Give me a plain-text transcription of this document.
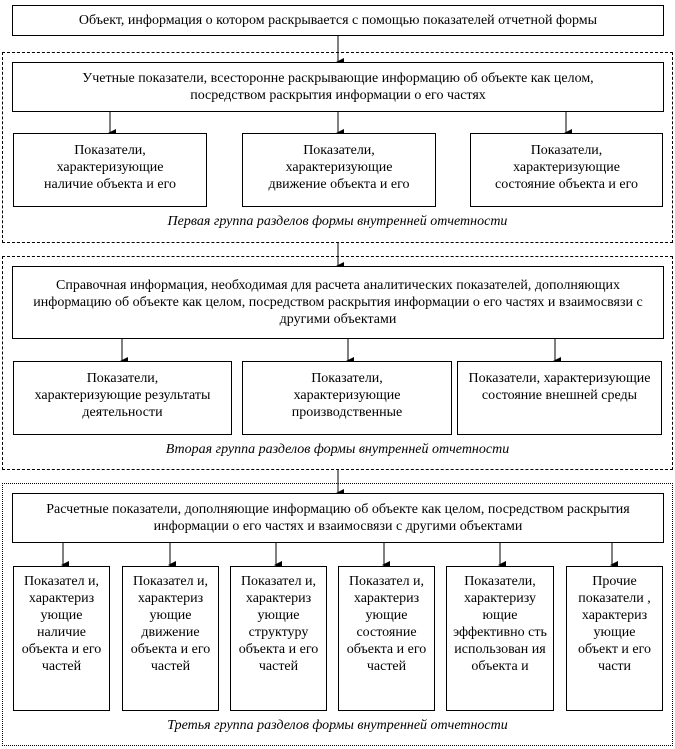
Объект, информация о котором раскрывается с помощью показателей отчетной формы
Учетные показатели, всесторонне раскрывающие информацию об объекте как целом, посредством раскрытия информации о его частях
Показатели, характеризующие наличие объекта и его
Показатели, характеризующие движение объекта и его
Показатели, характеризующие состояние объекта и его
Первая группа разделов формы внутренней отчетности
Справочная информация, необходимая для расчета аналитических показателей, дополняющих информацию об объекте как целом, посредством раскрытия информации о его частях и взаимосвязи с другими объектами
Показатели, характеризующие результаты деятельности
Показатели, характеризующие производственные
Показатели, характеризующие состояние внешней среды
Вторая группа разделов формы внутренней отчетности
Расчетные показатели, дополняющие информацию об объекте как целом, посредством раскрытия информации о его частях и взаимосвязи с другими объектами
Показател и, характериз ующие наличие объекта и его частей
Показател и, характериз ующие движение объекта и его частей
Показател и, характериз ующие структуру объекта и его частей
Показател и, характериз ующие состояние объекта и его частей
Показатели, характеризу ющие эффективно сть использован ия объекта и
Прочие показатели , характериз ующие объект и его части
Третья группа разделов формы внутренней отчетности
